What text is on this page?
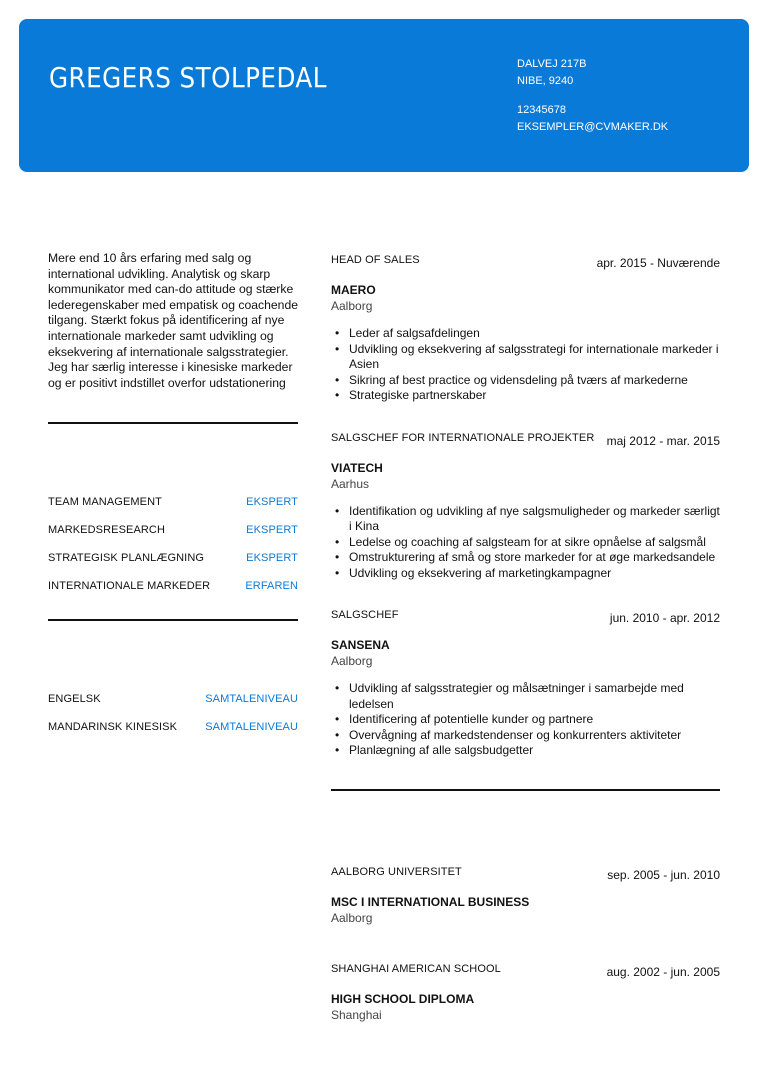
GREGERS STOLPEDAL	DALVEJ 217B
NIBE, 9240
12345678
EKSEMPLER@CVMAKER.DK
PROFIL
Mere end 10 års erfaring med salg og international udvikling. Analytisk og skarp kommunikator med can-do attitude og stærke lederegenskaber med empatisk og coachende tilgang. Stærkt fokus på identificering af nye internationale markeder samt udvikling og eksekvering af internationale salgsstrategier. Jeg har særlig interesse i kinesiske markeder og er positivt indstillet overfor udstationering
FÆRDIGHEDER
TEAM MANAGEMENT	EKSPERT
MARKEDSRESEARCH	EKSPERT
STRATEGISK PLANLÆGNING	EKSPERT
INTERNATIONALE MARKEDER	ERFAREN
SPROG
ENGELSK	SAMTALENIVEAU
MANDARINSK KINESISK	SAMTALENIVEAU
ERHVERVSERFARING
HEAD OF SALES	apr. 2015 - Nuværende
MAERO
Aalborg
• Leder af salgsafdelingen
• Udvikling og eksekvering af salgsstrategi for internationale markeder i Asien
• Sikring af best practice og vidensdeling på tværs af markederne
• Strategiske partnerskaber
SALGSCHEF FOR INTERNATIONALE PROJEKTER maj 2012 - mar. 2015
VIATECH
Aarhus
• Identifikation og udvikling af nye salgsmuligheder og markeder særligt i Kina
• Ledelse og coaching af salgsteam for at sikre opnåelse af salgsmål
• Omstrukturering af små og store markeder for at øge markedsandele
• Udvikling og eksekvering af marketingkampagner
SALGSCHEF	jun. 2010 - apr. 2012
SANSENA
Aalborg
• Udvikling af salgsstrategier og målsætninger i samarbejde med ledelsen
• Identificering af potentielle kunder og partnere
• Overvågning af markedstendenser og konkurrenters aktiviteter
• Planlægning af alle salgsbudgetter
UDDANNELSE OG KVALIFIKATIONER
AALBORG UNIVERSITET	sep. 2005 - jun. 2010
MSC I INTERNATIONAL BUSINESS
Aalborg
SHANGHAI AMERICAN SCHOOL	aug. 2002 - jun. 2005
HIGH SCHOOL DIPLOMA
Shanghai
